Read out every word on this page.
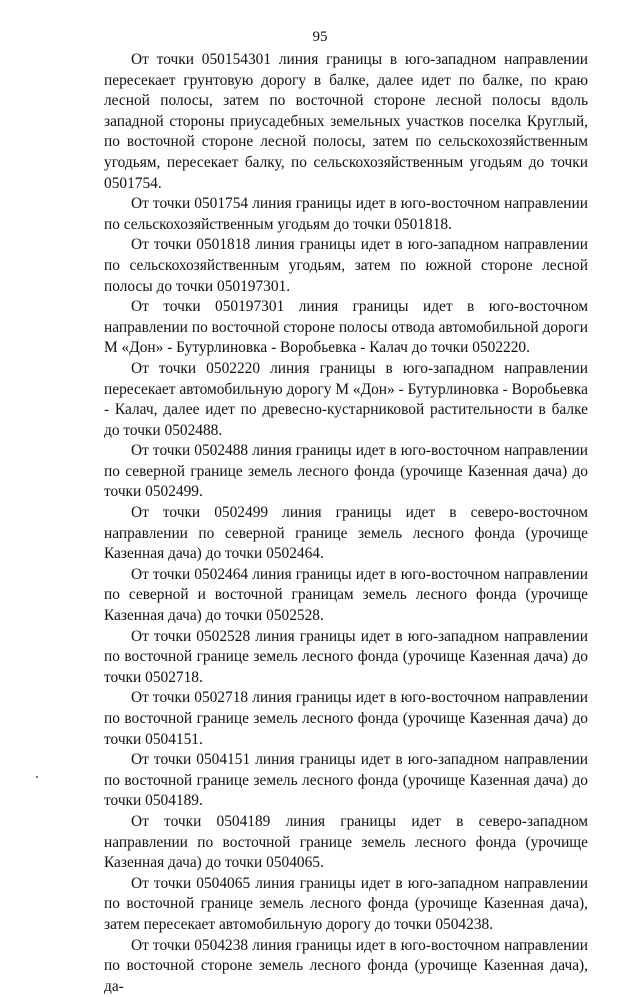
95

От точки 050154301 линия границы в юго-западном направлении пересекает грунтовую дорогу в балке, далее идет по балке, по краю лесной полосы, затем по восточной стороне лесной полосы вдоль западной стороны приусадебных земельных участков поселка Круглый, по восточной стороне лесной полосы, затем по сельскохозяйственным угодьям, пересекает балку, по сельскохозяйственным угодьям до точки 0501754.

От точки 0501754 линия границы идет в юго-восточном направлении по сельскохозяйственным угодьям до точки 0501818.

От точки 0501818 линия границы идет в юго-западном направлении по сельскохозяйственным угодьям, затем по южной стороне лесной полосы до точки 050197301.

От точки 050197301 линия границы идет в юго-восточном направлении по восточной стороне полосы отвода автомобильной дороги М «Дон» - Бутурлиновка - Воробьевка - Калач до точки 0502220.

От точки 0502220 линия границы в юго-западном направлении пересекает автомобильную дорогу М «Дон» - Бутурлиновка - Воробьевка - Калач, далее идет по древесно-кустарниковой растительности в балке до точки 0502488.

От точки 0502488 линия границы идет в юго-восточном направлении по северной границе земель лесного фонда (урочище Казенная дача) до точки 0502499.

От точки 0502499 линия границы идет в северо-восточном направлении по северной границе земель лесного фонда (урочище Казенная дача) до точки 0502464.

От точки 0502464 линия границы идет в юго-восточном направлении по северной и восточной границам земель лесного фонда (урочище Казенная дача) до точки 0502528.

От точки 0502528 линия границы идет в юго-западном направлении по восточной границе земель лесного фонда (урочище Казенная дача) до точки 0502718.

От точки 0502718 линия границы идет в юго-восточном направлении по восточной границе земель лесного фонда (урочище Казенная дача) до точки 0504151.

От точки 0504151 линия границы идет в юго-западном направлении по восточной границе земель лесного фонда (урочище Казенная дача) до точки 0504189.

От точки 0504189 линия границы идет в северо-западном направлении по восточной границе земель лесного фонда (урочище Казенная дача) до точки 0504065.

От точки 0504065 линия границы идет в юго-западном направлении по восточной границе земель лесного фонда (урочище Казенная дача), затем пересекает автомобильную дорогу до точки 0504238.

От точки 0504238 линия границы идет в юго-восточном направлении по восточной стороне земель лесного фонда (урочище Казенная дача), да-
